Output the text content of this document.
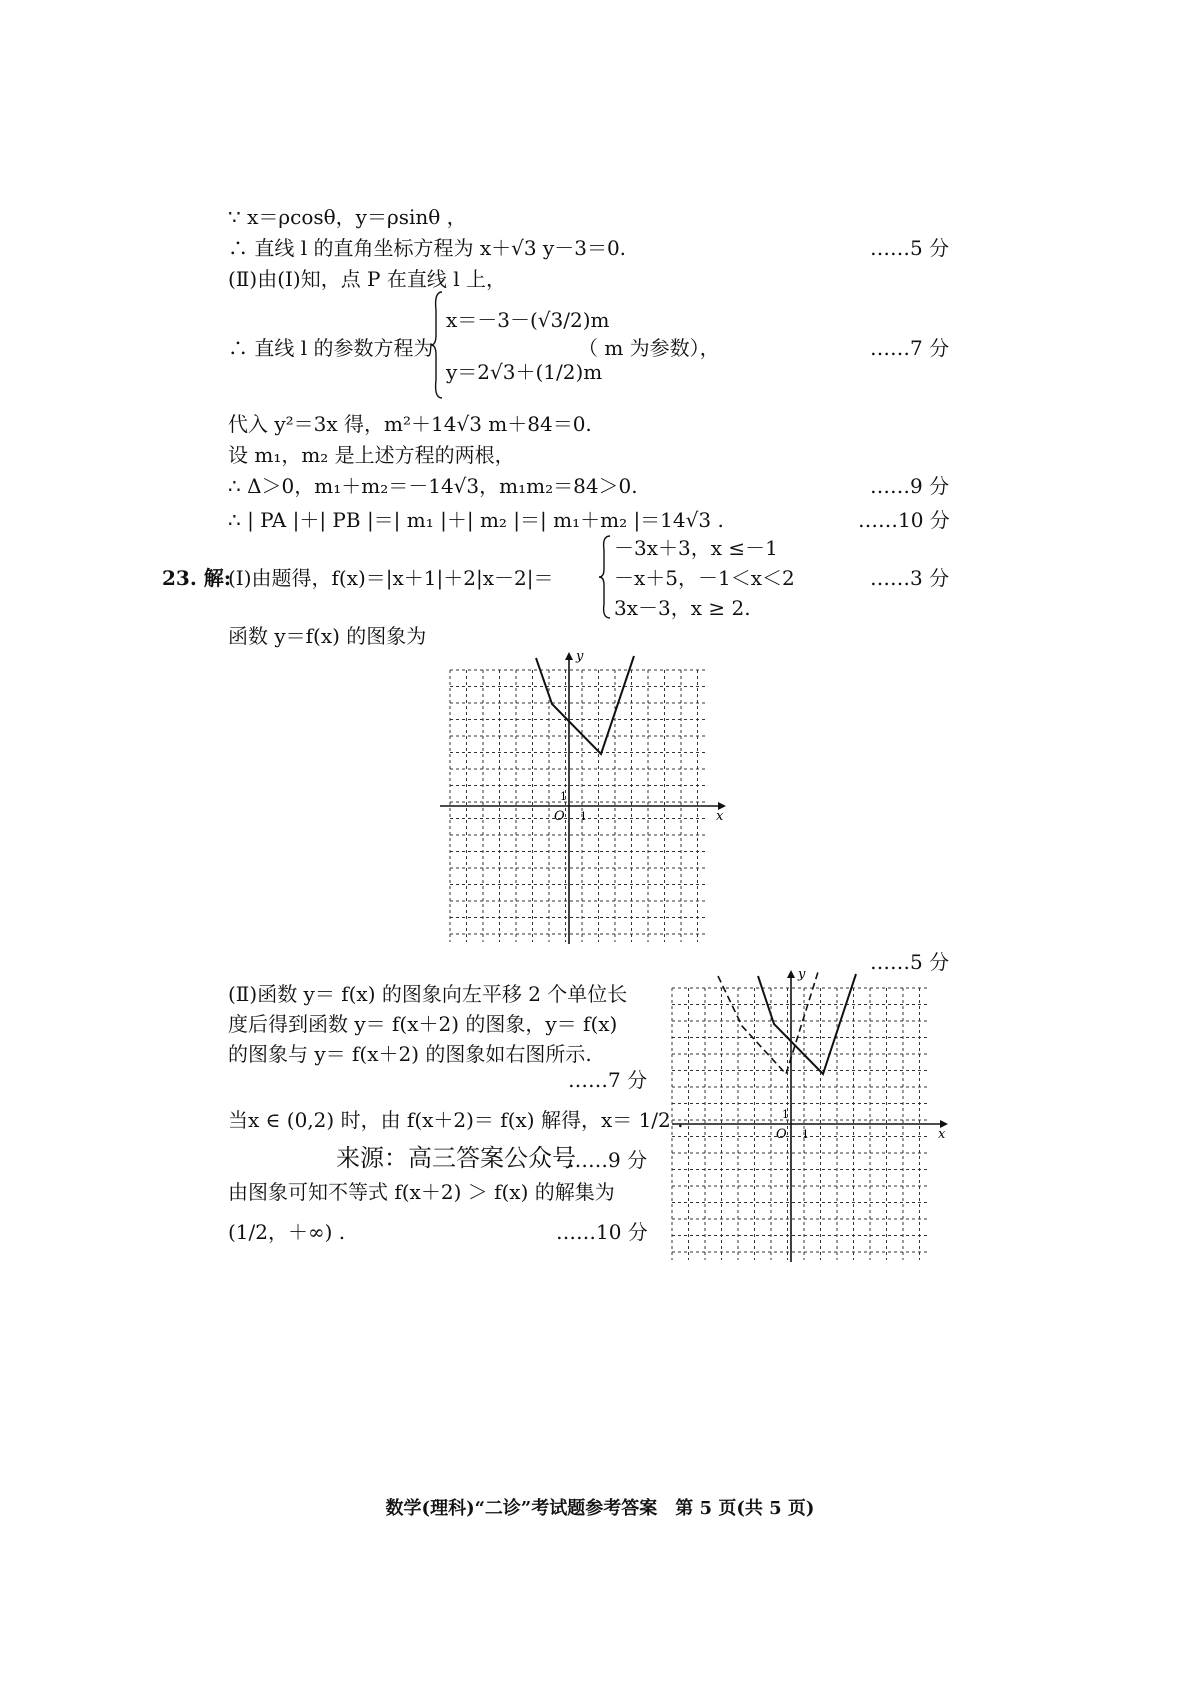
∵ x＝ρcosθ，y＝ρsinθ ，
∴ 直线 l 的直角坐标方程为 x＋√3 y－3＝0.	……5 分
(Ⅱ)由(Ⅰ)知，点 P 在直线 l 上，
∴ 直线 l 的参数方程为
x＝－3－(√3/2)m
y＝2√3＋(1/2)m
（ m 为参数），	……7 分
代入 y²＝3x 得，m²＋14√3 m＋84＝0.
设 m₁，m₂ 是上述方程的两根，
∴ Δ＞0，m₁＋m₂＝－14√3，m₁m₂＝84＞0.	……9 分
∴ | PA |＋| PB |＝| m₁ |＋| m₂ |＝| m₁＋m₂ |＝14√3 .	……10 分
23. 解:
(Ⅰ)由题得，f(x)＝|x＋1|＋2|x－2|＝
－3x＋3，x ≤－1
－x＋5，－1＜x＜2
3x－3，x ≥ 2.
……3 分
函数 y＝f(x) 的图象为
x
y
O 1
1
……5 分
(Ⅱ)函数 y＝ f(x) 的图象向左平移 2 个单位长
度后得到函数 y＝ f(x＋2) 的图象，y＝ f(x)
的图象与 y＝ f(x＋2) 的图象如右图所示.
……7 分
当x ∈ (0,2) 时，由 f(x＋2)＝ f(x) 解得，x＝ 1/2 .
来源：高三答案公众号
……9 分
由图象可知不等式 f(x＋2) ＞ f(x) 的解集为
(1/2，＋∞) .	……10 分
x
y
O 1
1
数学(理科)“二诊”考试题参考答案　第 5 页(共 5 页)
